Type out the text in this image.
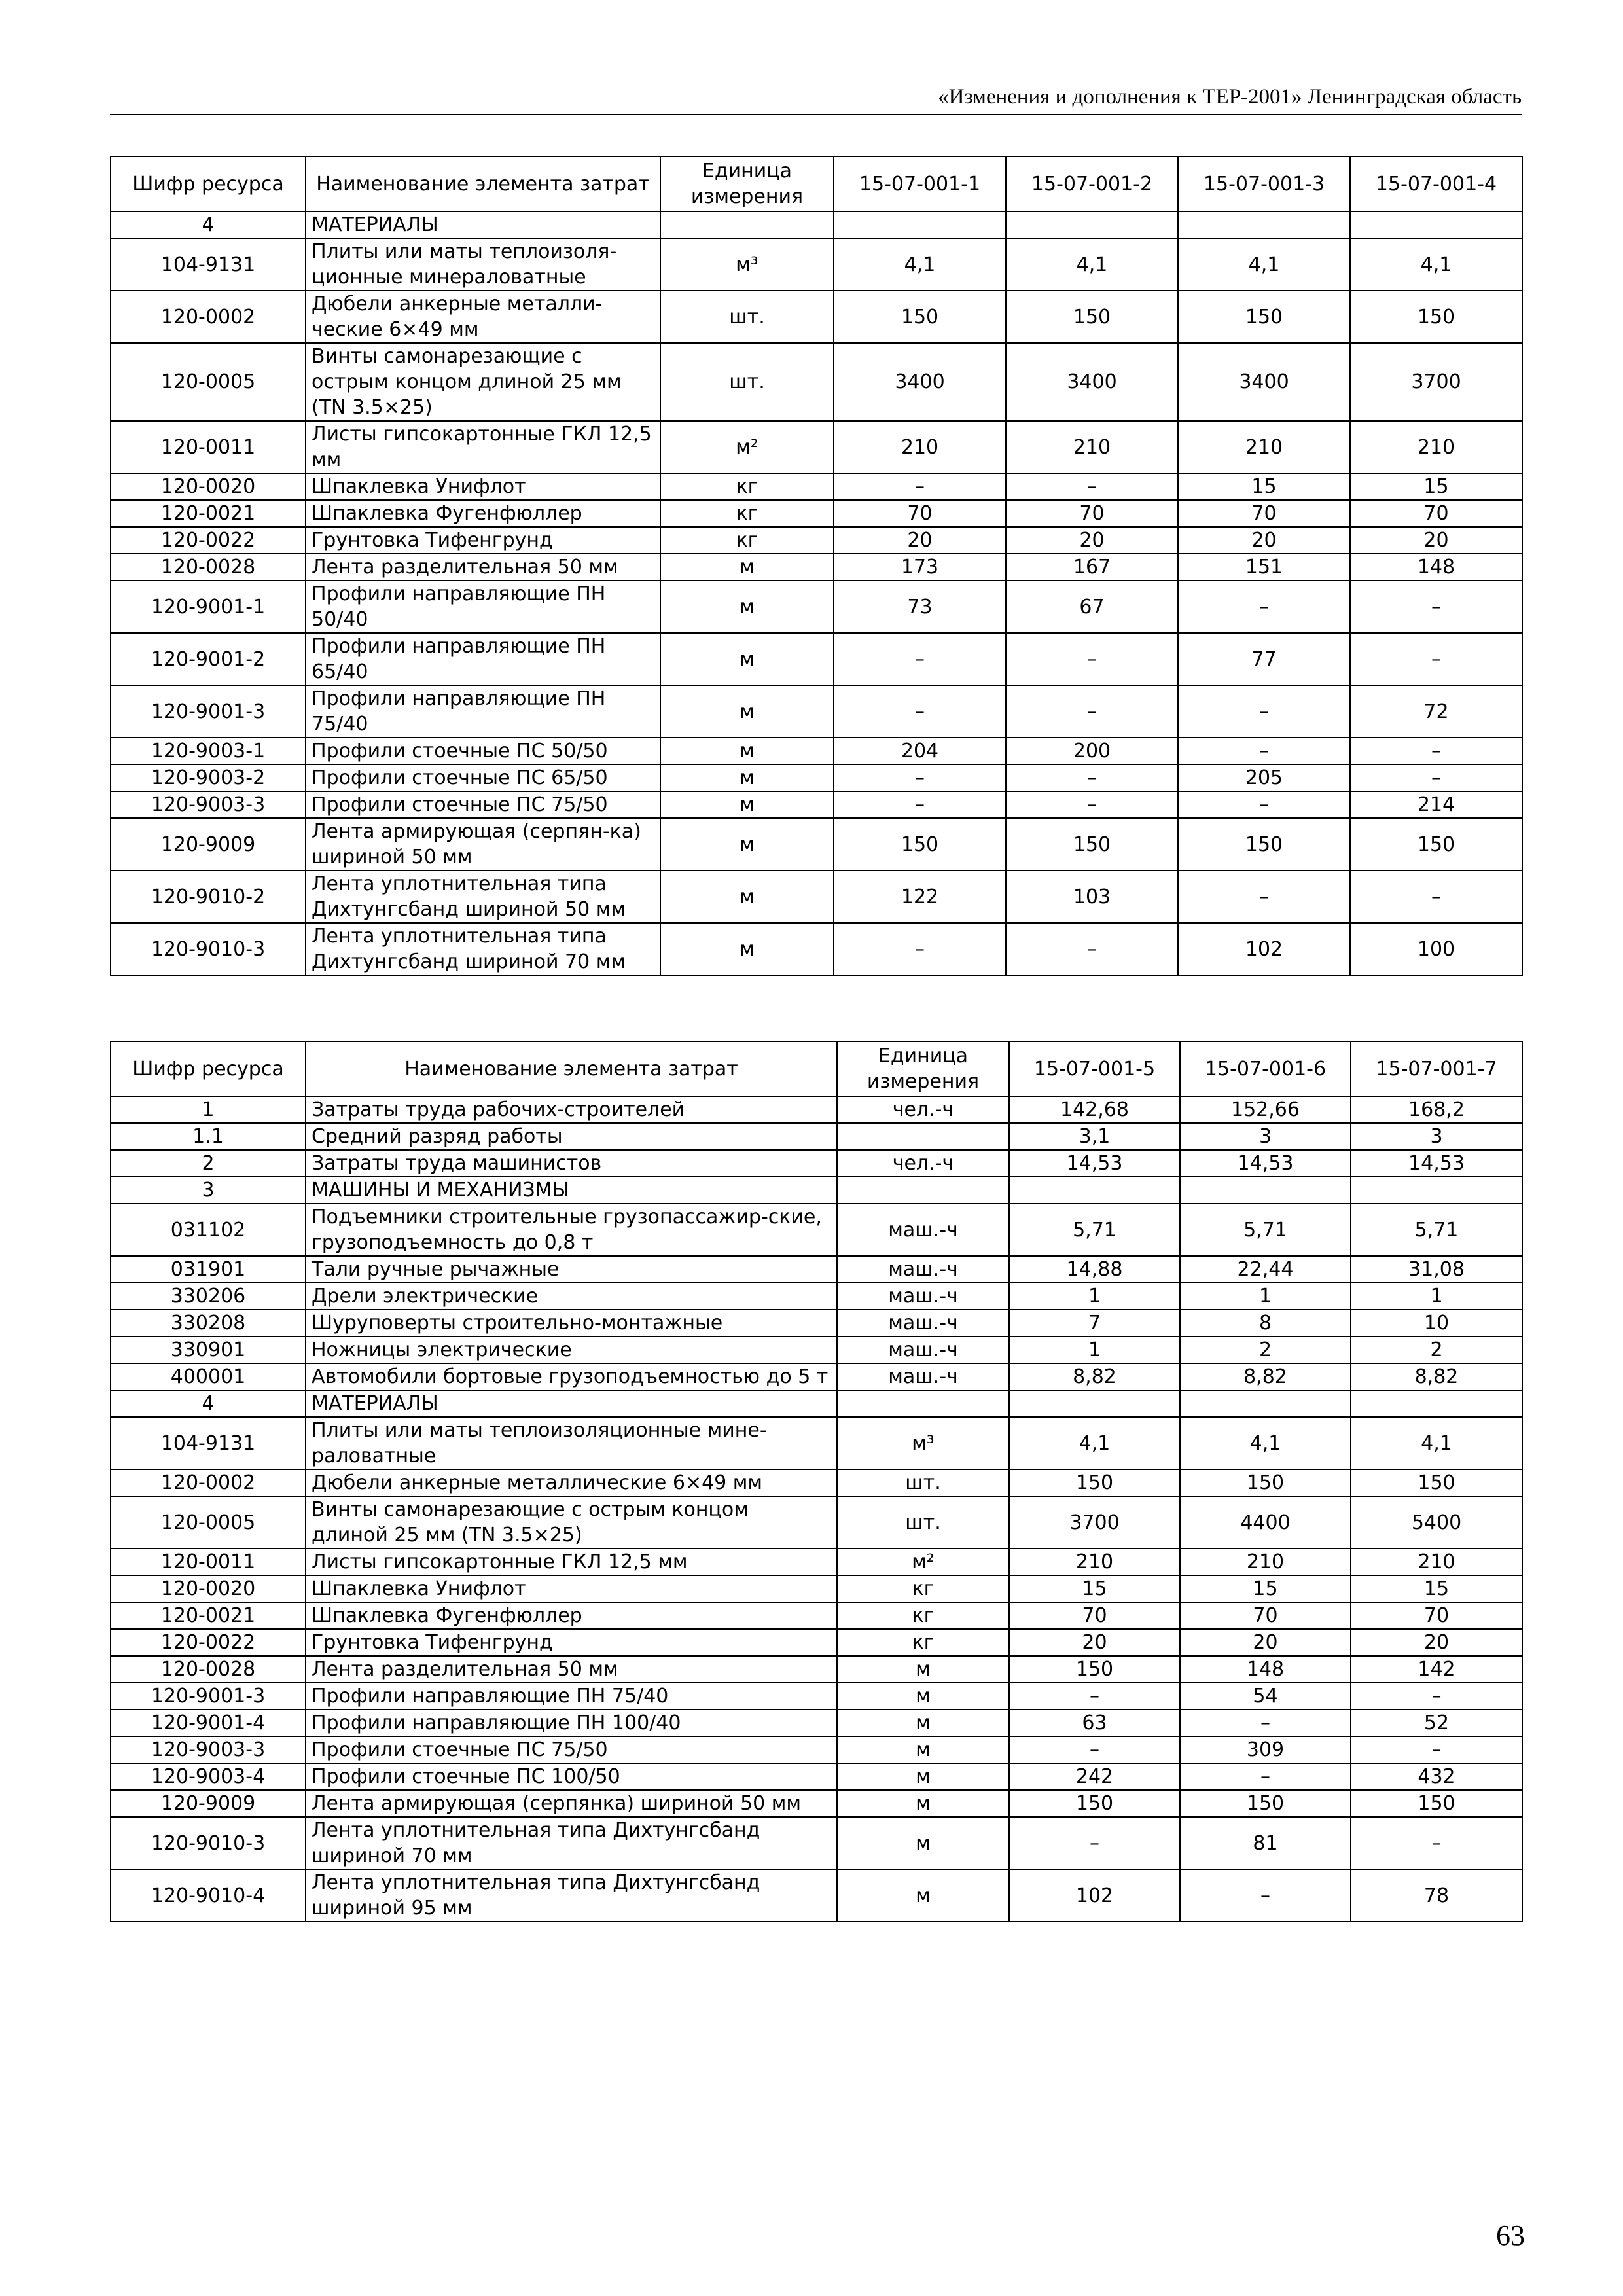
«Изменения и дополнения к ТЕР-2001» Ленинградская область
Шифр ресурса	Наименование элемента затрат	Единица измерения	15-07-001-1	15-07-001-2	15-07-001-3	15-07-001-4
4	МАТЕРИАЛЫ					
104-9131	Плиты или маты теплоизоля-ционные минераловатные	м³	4,1	4,1	4,1	4,1
120-0002	Дюбели анкерные металли-ческие 6×49 мм	шт.	150	150	150	150
120-0005	Винты самонарезающие с острым концом длиной 25 мм (TN 3.5×25)	шт.	3400	3400	3400	3700
120-0011	Листы гипсокартонные ГКЛ 12,5 мм	м²	210	210	210	210
120-0020	Шпаклевка Унифлот	кг	–	–	15	15
120-0021	Шпаклевка Фугенфюллер	кг	70	70	70	70
120-0022	Грунтовка Тифенгрунд	кг	20	20	20	20
120-0028	Лента разделительная 50 мм	м	173	167	151	148
120-9001-1	Профили направляющие ПН 50/40	м	73	67	–	–
120-9001-2	Профили направляющие ПН 65/40	м	–	–	77	–
120-9001-3	Профили направляющие ПН 75/40	м	–	–	–	72
120-9003-1	Профили стоечные ПС 50/50	м	204	200	–	–
120-9003-2	Профили стоечные ПС 65/50	м	–	–	205	–
120-9003-3	Профили стоечные ПС 75/50	м	–	–	–	214
120-9009	Лента армирующая (серпян-ка) шириной 50 мм	м	150	150	150	150
120-9010-2	Лента уплотнительная типа Дихтунгсбанд шириной 50 мм	м	122	103	–	–
120-9010-3	Лента уплотнительная типа Дихтунгсбанд шириной 70 мм	м	–	–	102	100
Шифр ресурса	Наименование элемента затрат	Единица измерения	15-07-001-5	15-07-001-6	15-07-001-7
1	Затраты труда рабочих-строителей	чел.-ч	142,68	152,66	168,2
1.1	Средний разряд работы		3,1	3	3
2	Затраты труда машинистов	чел.-ч	14,53	14,53	14,53
3	МАШИНЫ И МЕХАНИЗМЫ				
031102	Подъемники строительные грузопассажир-ские, грузоподъемность до 0,8 т	маш.-ч	5,71	5,71	5,71
031901	Тали ручные рычажные	маш.-ч	14,88	22,44	31,08
330206	Дрели электрические	маш.-ч	1	1	1
330208	Шуруповерты строительно-монтажные	маш.-ч	7	8	10
330901	Ножницы электрические	маш.-ч	1	2	2
400001	Автомобили бортовые грузоподъемностью до 5 т	маш.-ч	8,82	8,82	8,82
4	МАТЕРИАЛЫ				
104-9131	Плиты или маты теплоизоляционные мине-раловатные	м³	4,1	4,1	4,1
120-0002	Дюбели анкерные металлические 6×49 мм	шт.	150	150	150
120-0005	Винты самонарезающие с острым концом длиной 25 мм (TN 3.5×25)	шт.	3700	4400	5400
120-0011	Листы гипсокартонные ГКЛ 12,5 мм	м²	210	210	210
120-0020	Шпаклевка Унифлот	кг	15	15	15
120-0021	Шпаклевка Фугенфюллер	кг	70	70	70
120-0022	Грунтовка Тифенгрунд	кг	20	20	20
120-0028	Лента разделительная 50 мм	м	150	148	142
120-9001-3	Профили направляющие ПН 75/40	м	–	54	–
120-9001-4	Профили направляющие ПН 100/40	м	63	–	52
120-9003-3	Профили стоечные ПС 75/50	м	–	309	–
120-9003-4	Профили стоечные ПС 100/50	м	242	–	432
120-9009	Лента армирующая (серпянка) шириной 50 мм	м	150	150	150
120-9010-3	Лента уплотнительная типа Дихтунгсбанд шириной 70 мм	м	–	81	–
120-9010-4	Лента уплотнительная типа Дихтунгсбанд шириной 95 мм	м	102	–	78
63
